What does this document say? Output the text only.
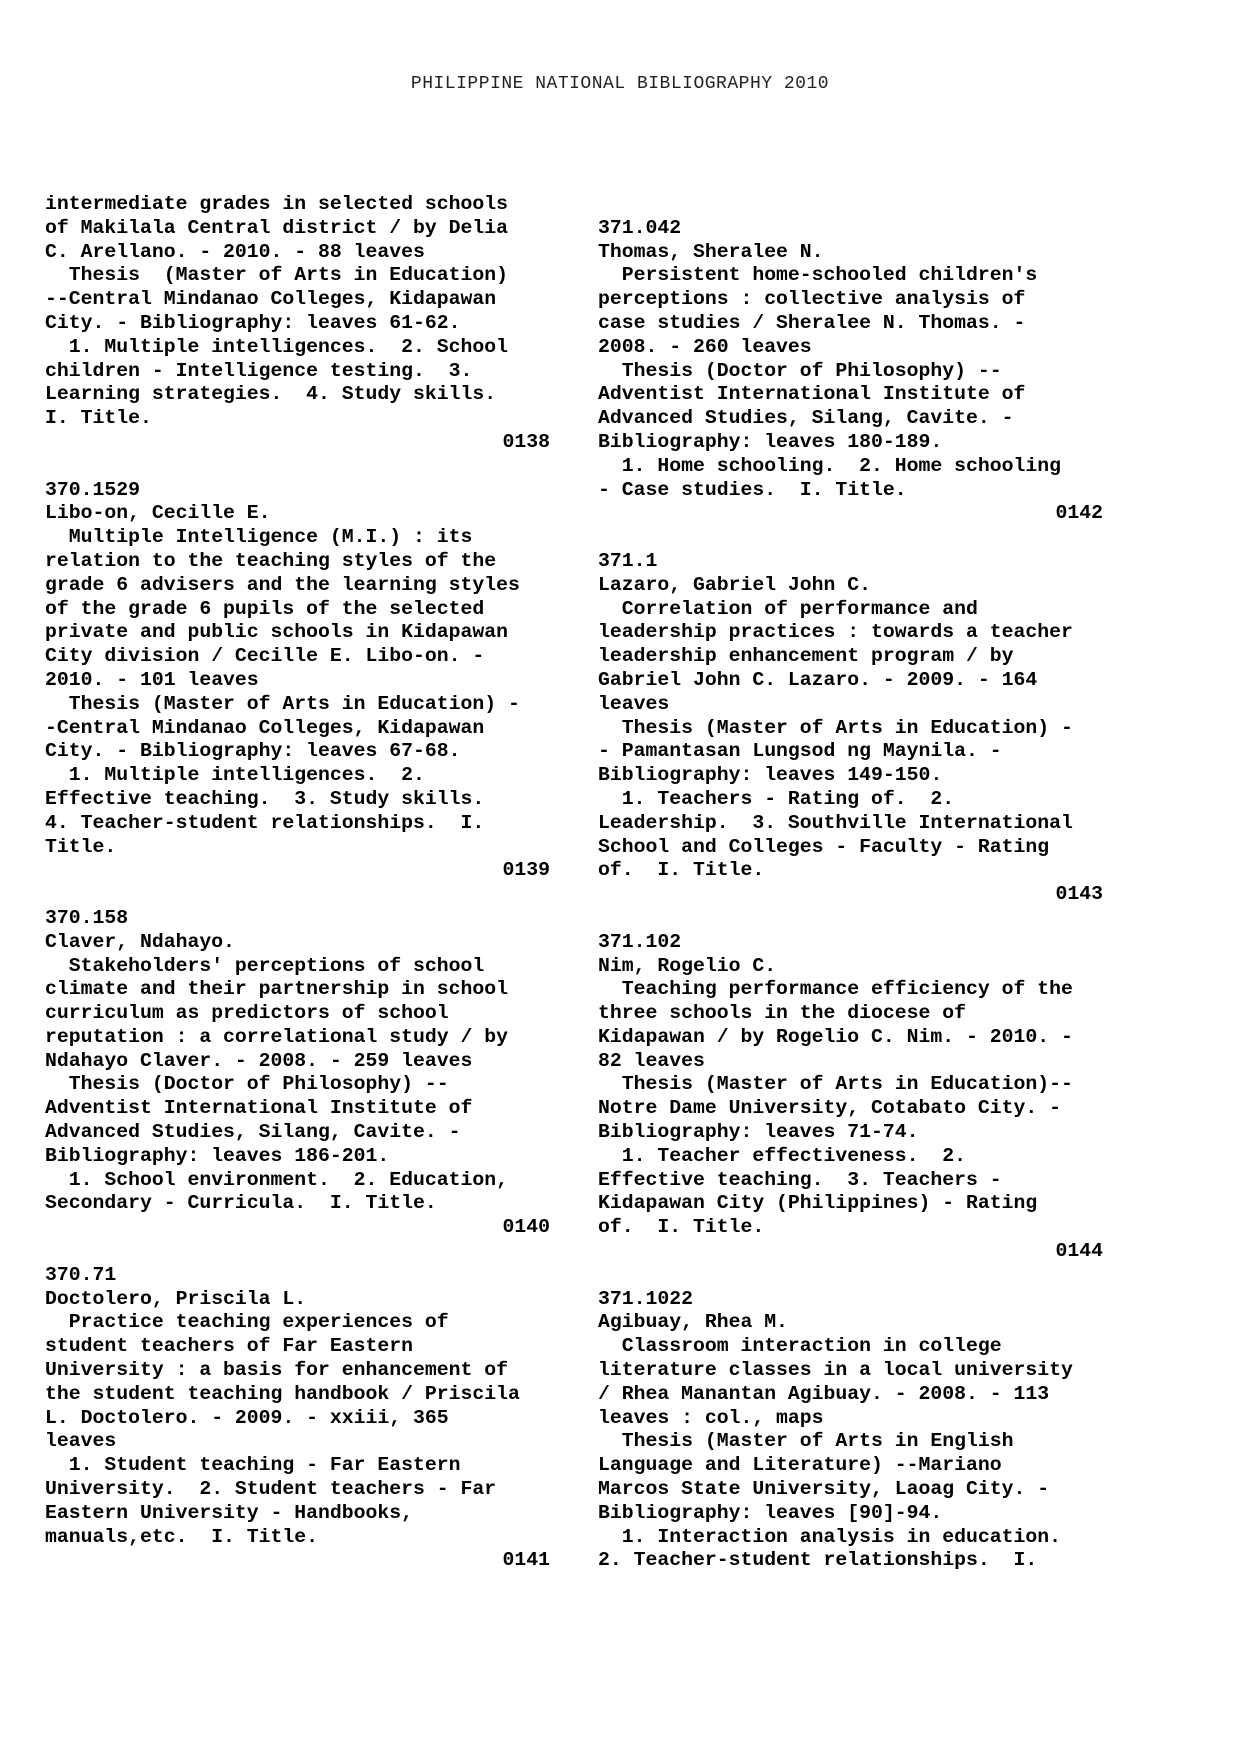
PHILIPPINE NATIONAL BIBLIOGRAPHY 2010
intermediate grades in selected schools
of Makilala Central district / by Delia
C. Arellano. - 2010. - 88 leaves
Thesis  (Master of Arts in Education)
--Central Mindanao Colleges, Kidapawan
City. - Bibliography: leaves 61-62.
1. Multiple intelligences.  2. School
children - Intelligence testing.  3.
Learning strategies.  4. Study skills.
I. Title.
0138
370.1529
Libo-on, Cecille E.
Multiple Intelligence (M.I.) : its
relation to the teaching styles of the
grade 6 advisers and the learning styles
of the grade 6 pupils of the selected
private and public schools in Kidapawan
City division / Cecille E. Libo-on. -
2010. - 101 leaves
Thesis (Master of Arts in Education) -
-Central Mindanao Colleges, Kidapawan
City. - Bibliography: leaves 67-68.
1. Multiple intelligences.  2.
Effective teaching.  3. Study skills.
4. Teacher-student relationships.  I.
Title.
0139
370.158
Claver, Ndahayo.
Stakeholders' perceptions of school
climate and their partnership in school
curriculum as predictors of school
reputation : a correlational study / by
Ndahayo Claver. - 2008. - 259 leaves
Thesis (Doctor of Philosophy) --
Adventist International Institute of
Advanced Studies, Silang, Cavite. -
Bibliography: leaves 186-201.
1. School environment.  2. Education,
Secondary - Curricula.  I. Title.
0140
370.71
Doctolero, Priscila L.
Practice teaching experiences of
student teachers of Far Eastern
University : a basis for enhancement of
the student teaching handbook / Priscila
L. Doctolero. - 2009. - xxiii, 365
leaves
1. Student teaching - Far Eastern
University.  2. Student teachers - Far
Eastern University - Handbooks,
manuals,etc.  I. Title.
0141
371.042
Thomas, Sheralee N.
Persistent home-schooled children's
perceptions : collective analysis of
case studies / Sheralee N. Thomas. -
2008. - 260 leaves
Thesis (Doctor of Philosophy) --
Adventist International Institute of
Advanced Studies, Silang, Cavite. -
Bibliography: leaves 180-189.
1. Home schooling.  2. Home schooling
- Case studies.  I. Title.
0142
371.1
Lazaro, Gabriel John C.
Correlation of performance and
leadership practices : towards a teacher
leadership enhancement program / by
Gabriel John C. Lazaro. - 2009. - 164
leaves
Thesis (Master of Arts in Education) -
- Pamantasan Lungsod ng Maynila. -
Bibliography: leaves 149-150.
1. Teachers - Rating of.  2.
Leadership.  3. Southville International
School and Colleges - Faculty - Rating
of.  I. Title.
0143
371.102
Nim, Rogelio C.
Teaching performance efficiency of the
three schools in the diocese of
Kidapawan / by Rogelio C. Nim. - 2010. -
82 leaves
Thesis (Master of Arts in Education)--
Notre Dame University, Cotabato City. -
Bibliography: leaves 71-74.
1. Teacher effectiveness.  2.
Effective teaching.  3. Teachers -
Kidapawan City (Philippines) - Rating
of.  I. Title.
0144
371.1022
Agibuay, Rhea M.
Classroom interaction in college
literature classes in a local university
/ Rhea Manantan Agibuay. - 2008. - 113
leaves : col., maps
Thesis (Master of Arts in English
Language and Literature) --Mariano
Marcos State University, Laoag City. -
Bibliography: leaves [90]-94.
1. Interaction analysis in education.
2. Teacher-student relationships.  I.
